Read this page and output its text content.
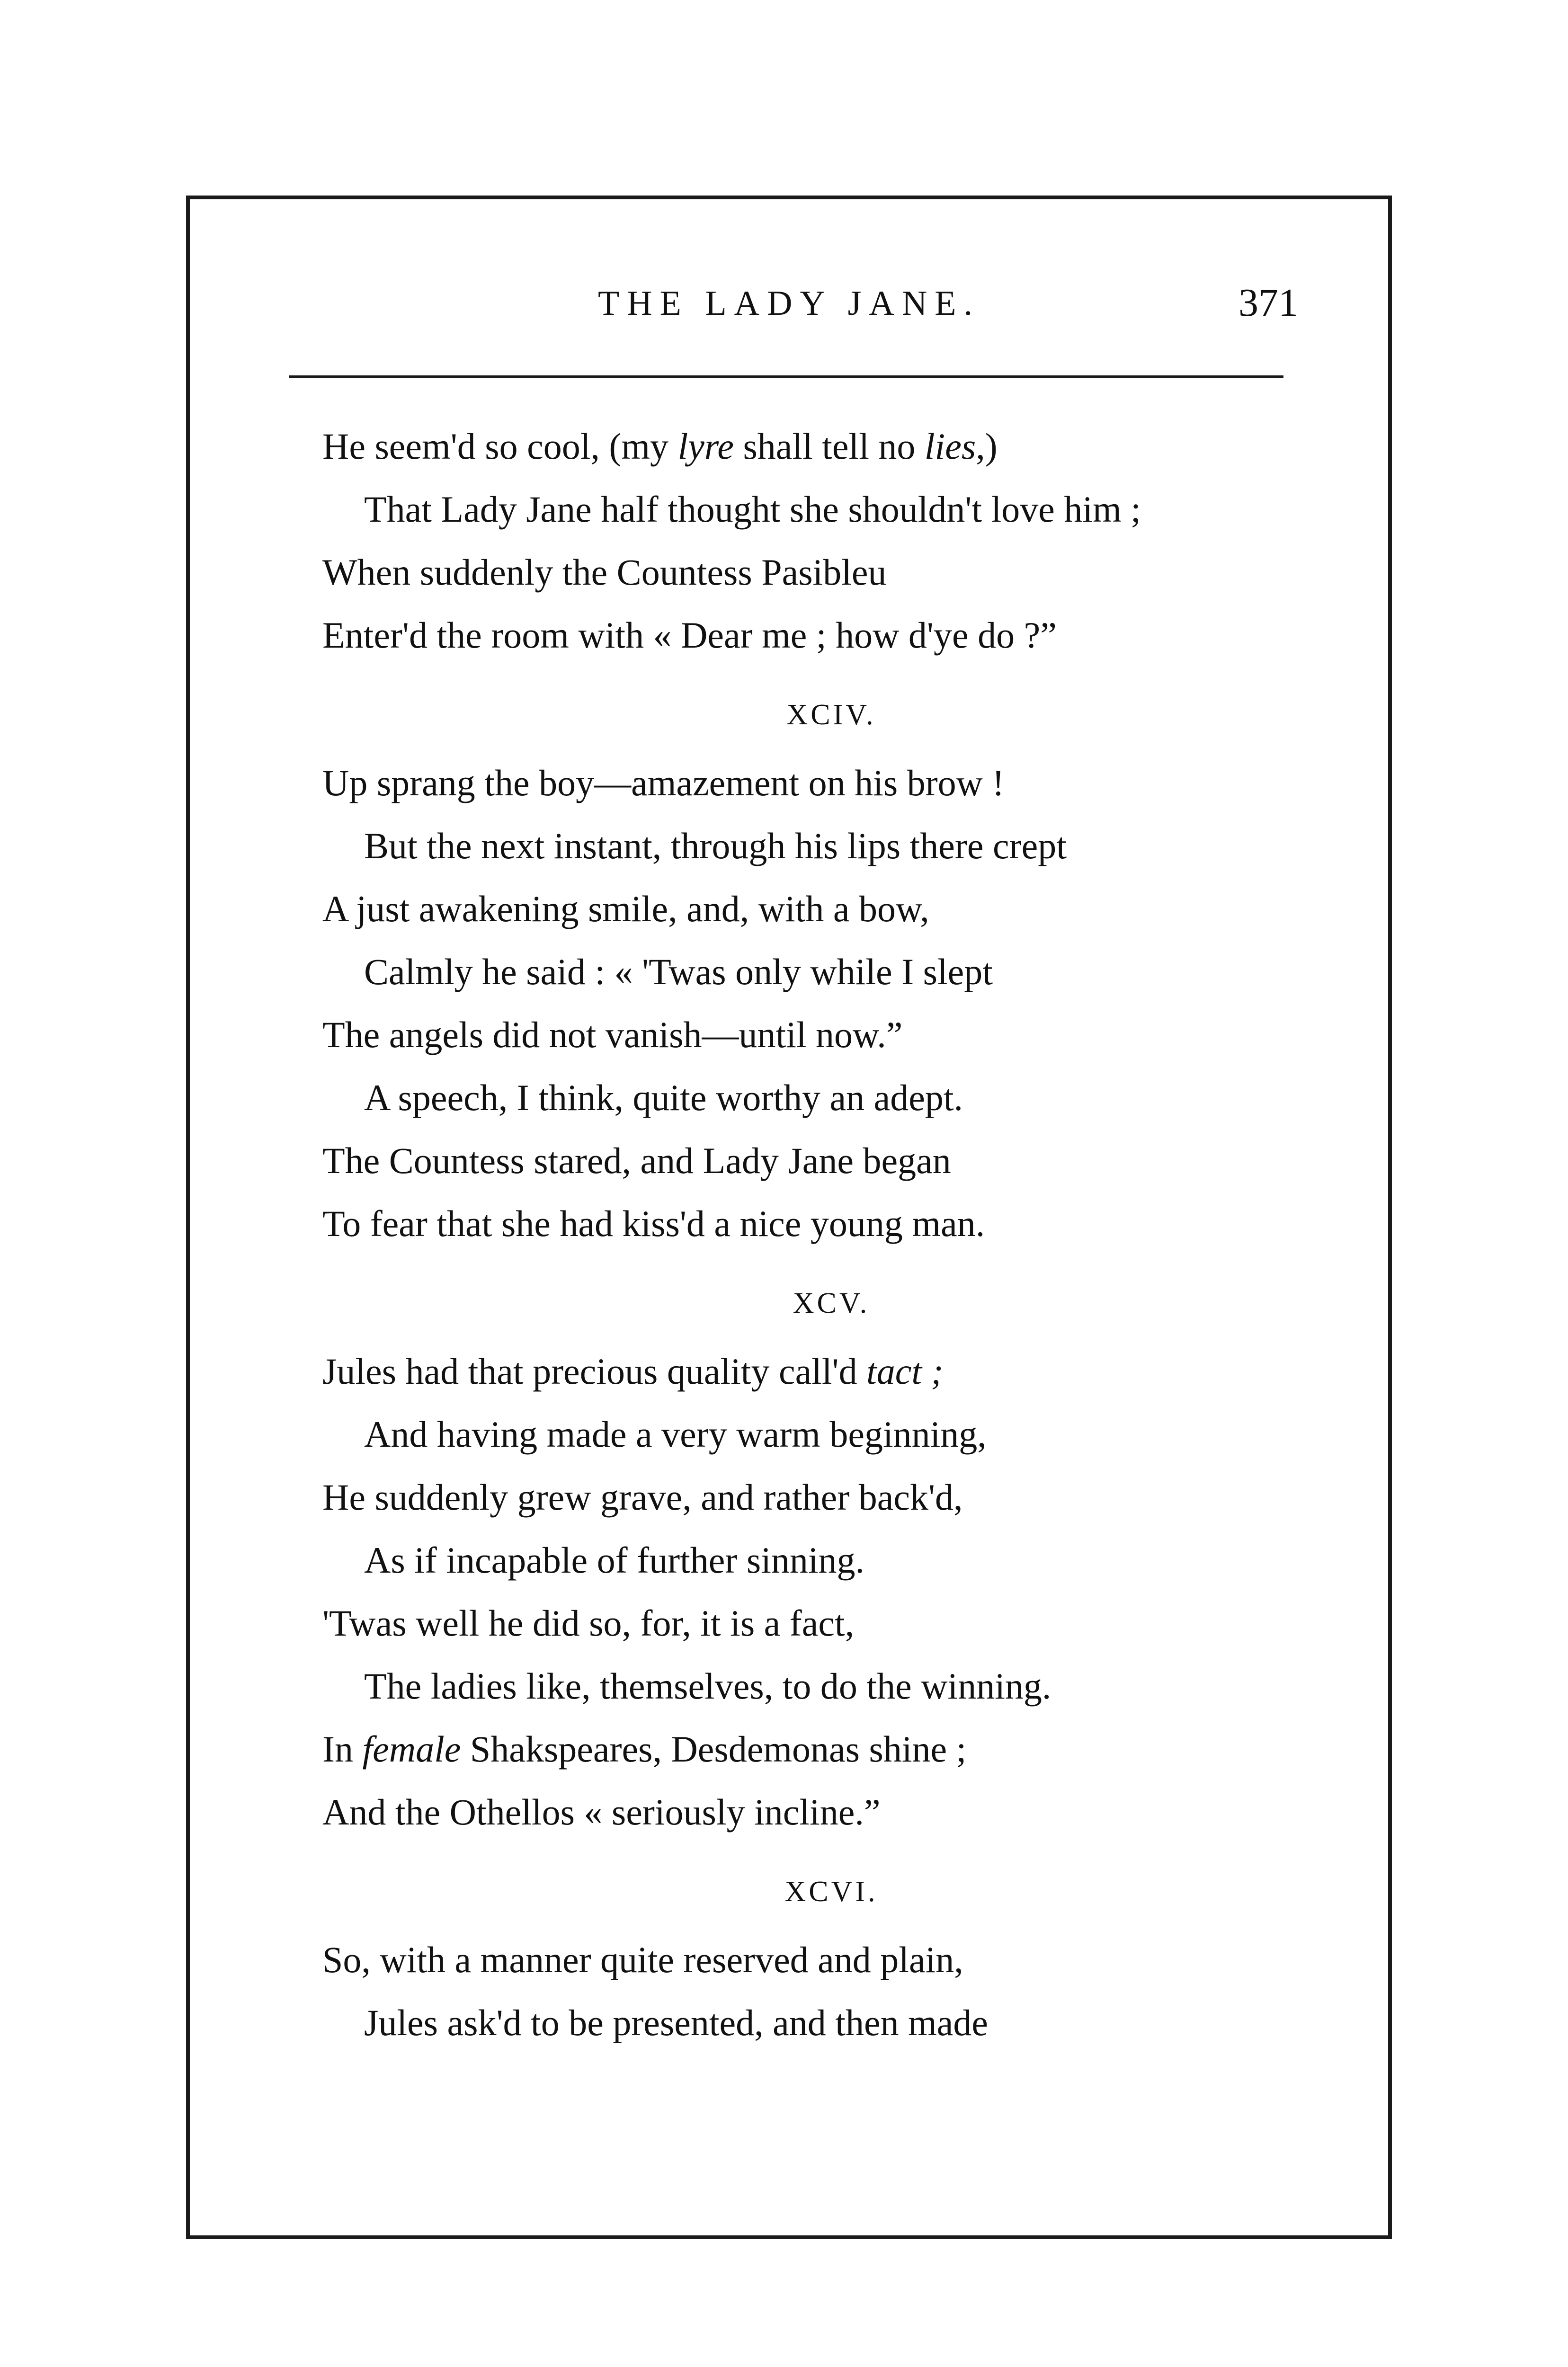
THE LADY JANE.	371
He seem'd so cool, (my lyre shall tell no lies,)
That Lady Jane half thought she shouldn't love him ;
When suddenly the Countess Pasibleu
Enter'd the room with « Dear me ; how d'ye do ?”
XCIV.
Up sprang the boy—amazement on his brow !
But the next instant, through his lips there crept
A just awakening smile, and, with a bow,
Calmly he said : « 'Twas only while I slept
The angels did not vanish—until now.”
A speech, I think, quite worthy an adept.
The Countess stared, and Lady Jane began
To fear that she had kiss'd a nice young man.
XCV.
Jules had that precious quality call'd tact ;
And having made a very warm beginning,
He suddenly grew grave, and rather back'd,
As if incapable of further sinning.
'Twas well he did so, for, it is a fact,
The ladies like, themselves, to do the winning.
In female Shakspeares, Desdemonas shine ;
And the Othellos « seriously incline.”
XCVI.
So, with a manner quite reserved and plain,
Jules ask'd to be presented, and then made
